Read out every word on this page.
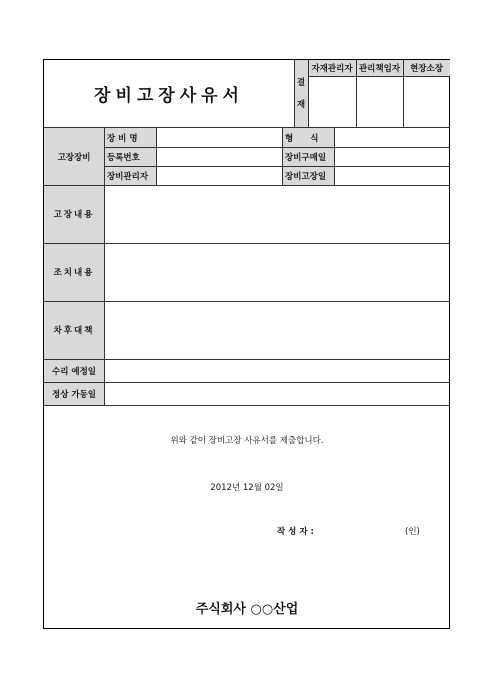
장비고장사유서
결
재
자재관리자 관리책임자	현장소장
고장장비
장 비 명	형　　식
등록번호	장비구매일
장비관리자	장비고장일
고장내용
조치내용
차후대책
수리 예정일
정상 가동일
위와 같이 장비고장 사유서를 제출합니다.
2012년 12월 02일
작 성 자 :	(인)
주식회사 ○○산업
